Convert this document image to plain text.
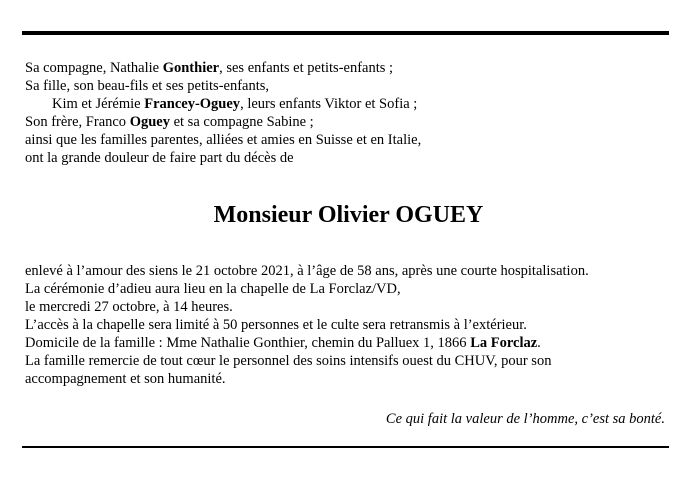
Sa compagne, Nathalie Gonthier, ses enfants et petits-enfants ;
Sa fille, son beau-fils et ses petits-enfants,
Kim et Jérémie Francey-Oguey, leurs enfants Viktor et Sofia ;
Son frère, Franco Oguey et sa compagne Sabine ;
ainsi que les familles parentes, alliées et amies en Suisse et en Italie,
ont la grande douleur de faire part du décès de
Monsieur Olivier OGUEY
enlevé à l’amour des siens le 21 octobre 2021, à l’âge de 58 ans, après une courte hospitalisation.
La cérémonie d’adieu aura lieu en la chapelle de La Forclaz/VD,
le mercredi 27 octobre, à 14 heures.
L’accès à la chapelle sera limité à 50 personnes et le culte sera retransmis à l’extérieur.
Domicile de la famille : Mme Nathalie Gonthier, chemin du Palluex 1, 1866 La Forclaz.
La famille remercie de tout cœur le personnel des soins intensifs ouest du CHUV, pour son
accompagnement et son humanité.
Ce qui fait la valeur de l’homme, c’est sa bonté.
